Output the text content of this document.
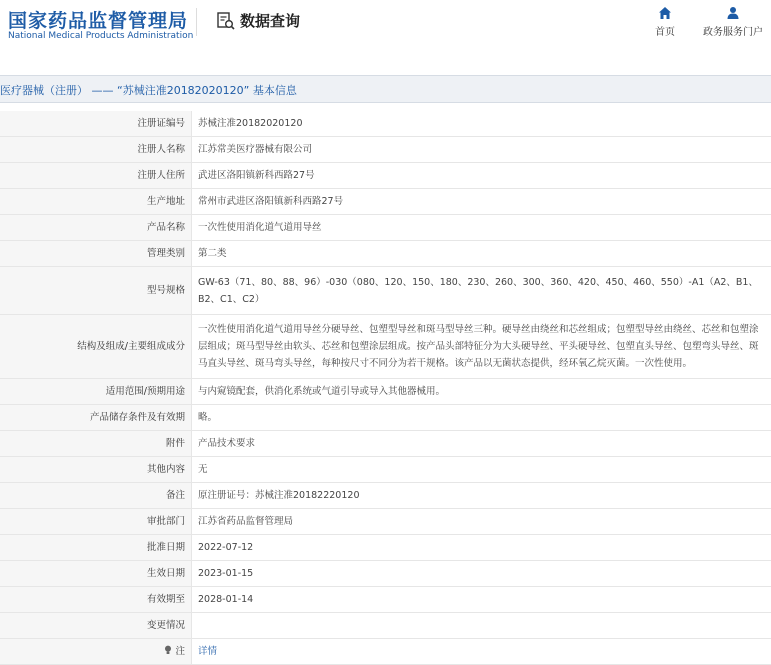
国家药品监督管理局
National Medical Products Administration
数据查询
首页	政务服务门户
医疗器械（注册） —— “苏械注准20182020120” 基本信息
注册证编号	苏械注准20182020120
注册人名称	江苏常美医疗器械有限公司
注册人住所	武进区洛阳镇新科西路27号
生产地址	常州市武进区洛阳镇新科西路27号
产品名称	一次性使用消化道气道用导丝
管理类别	第二类
型号规格	GW-63（71、80、88、96）-030（080、120、150、180、230、260、300、360、420、450、460、550）-A1（A2、B1、B2、C1、C2）
结构及组成/主要组成成分	一次性使用消化道气道用导丝分硬导丝、包塑型导丝和斑马型导丝三种。硬导丝由绕丝和芯丝组成；包塑型导丝由绕丝、芯丝和包塑涂层组成；斑马型导丝由软头、芯丝和包塑涂层组成。按产品头部特征分为大头硬导丝、平头硬导丝、包塑直头导丝、包塑弯头导丝、斑马直头导丝、斑马弯头导丝，每种按尺寸不同分为若干规格。该产品以无菌状态提供，经环氧乙烷灭菌。一次性使用。
适用范围/预期用途	与内窥镜配套，供消化系统或气道引导或导入其他器械用。
产品储存条件及有效期	略。
附件	产品技术要求
其他内容	无
备注	原注册证号：苏械注准20182220120
审批部门	江苏省药品监督管理局
批准日期	2022-07-12
生效日期	2023-01-15
有效期至	2028-01-14
变更情况	
注	详情
